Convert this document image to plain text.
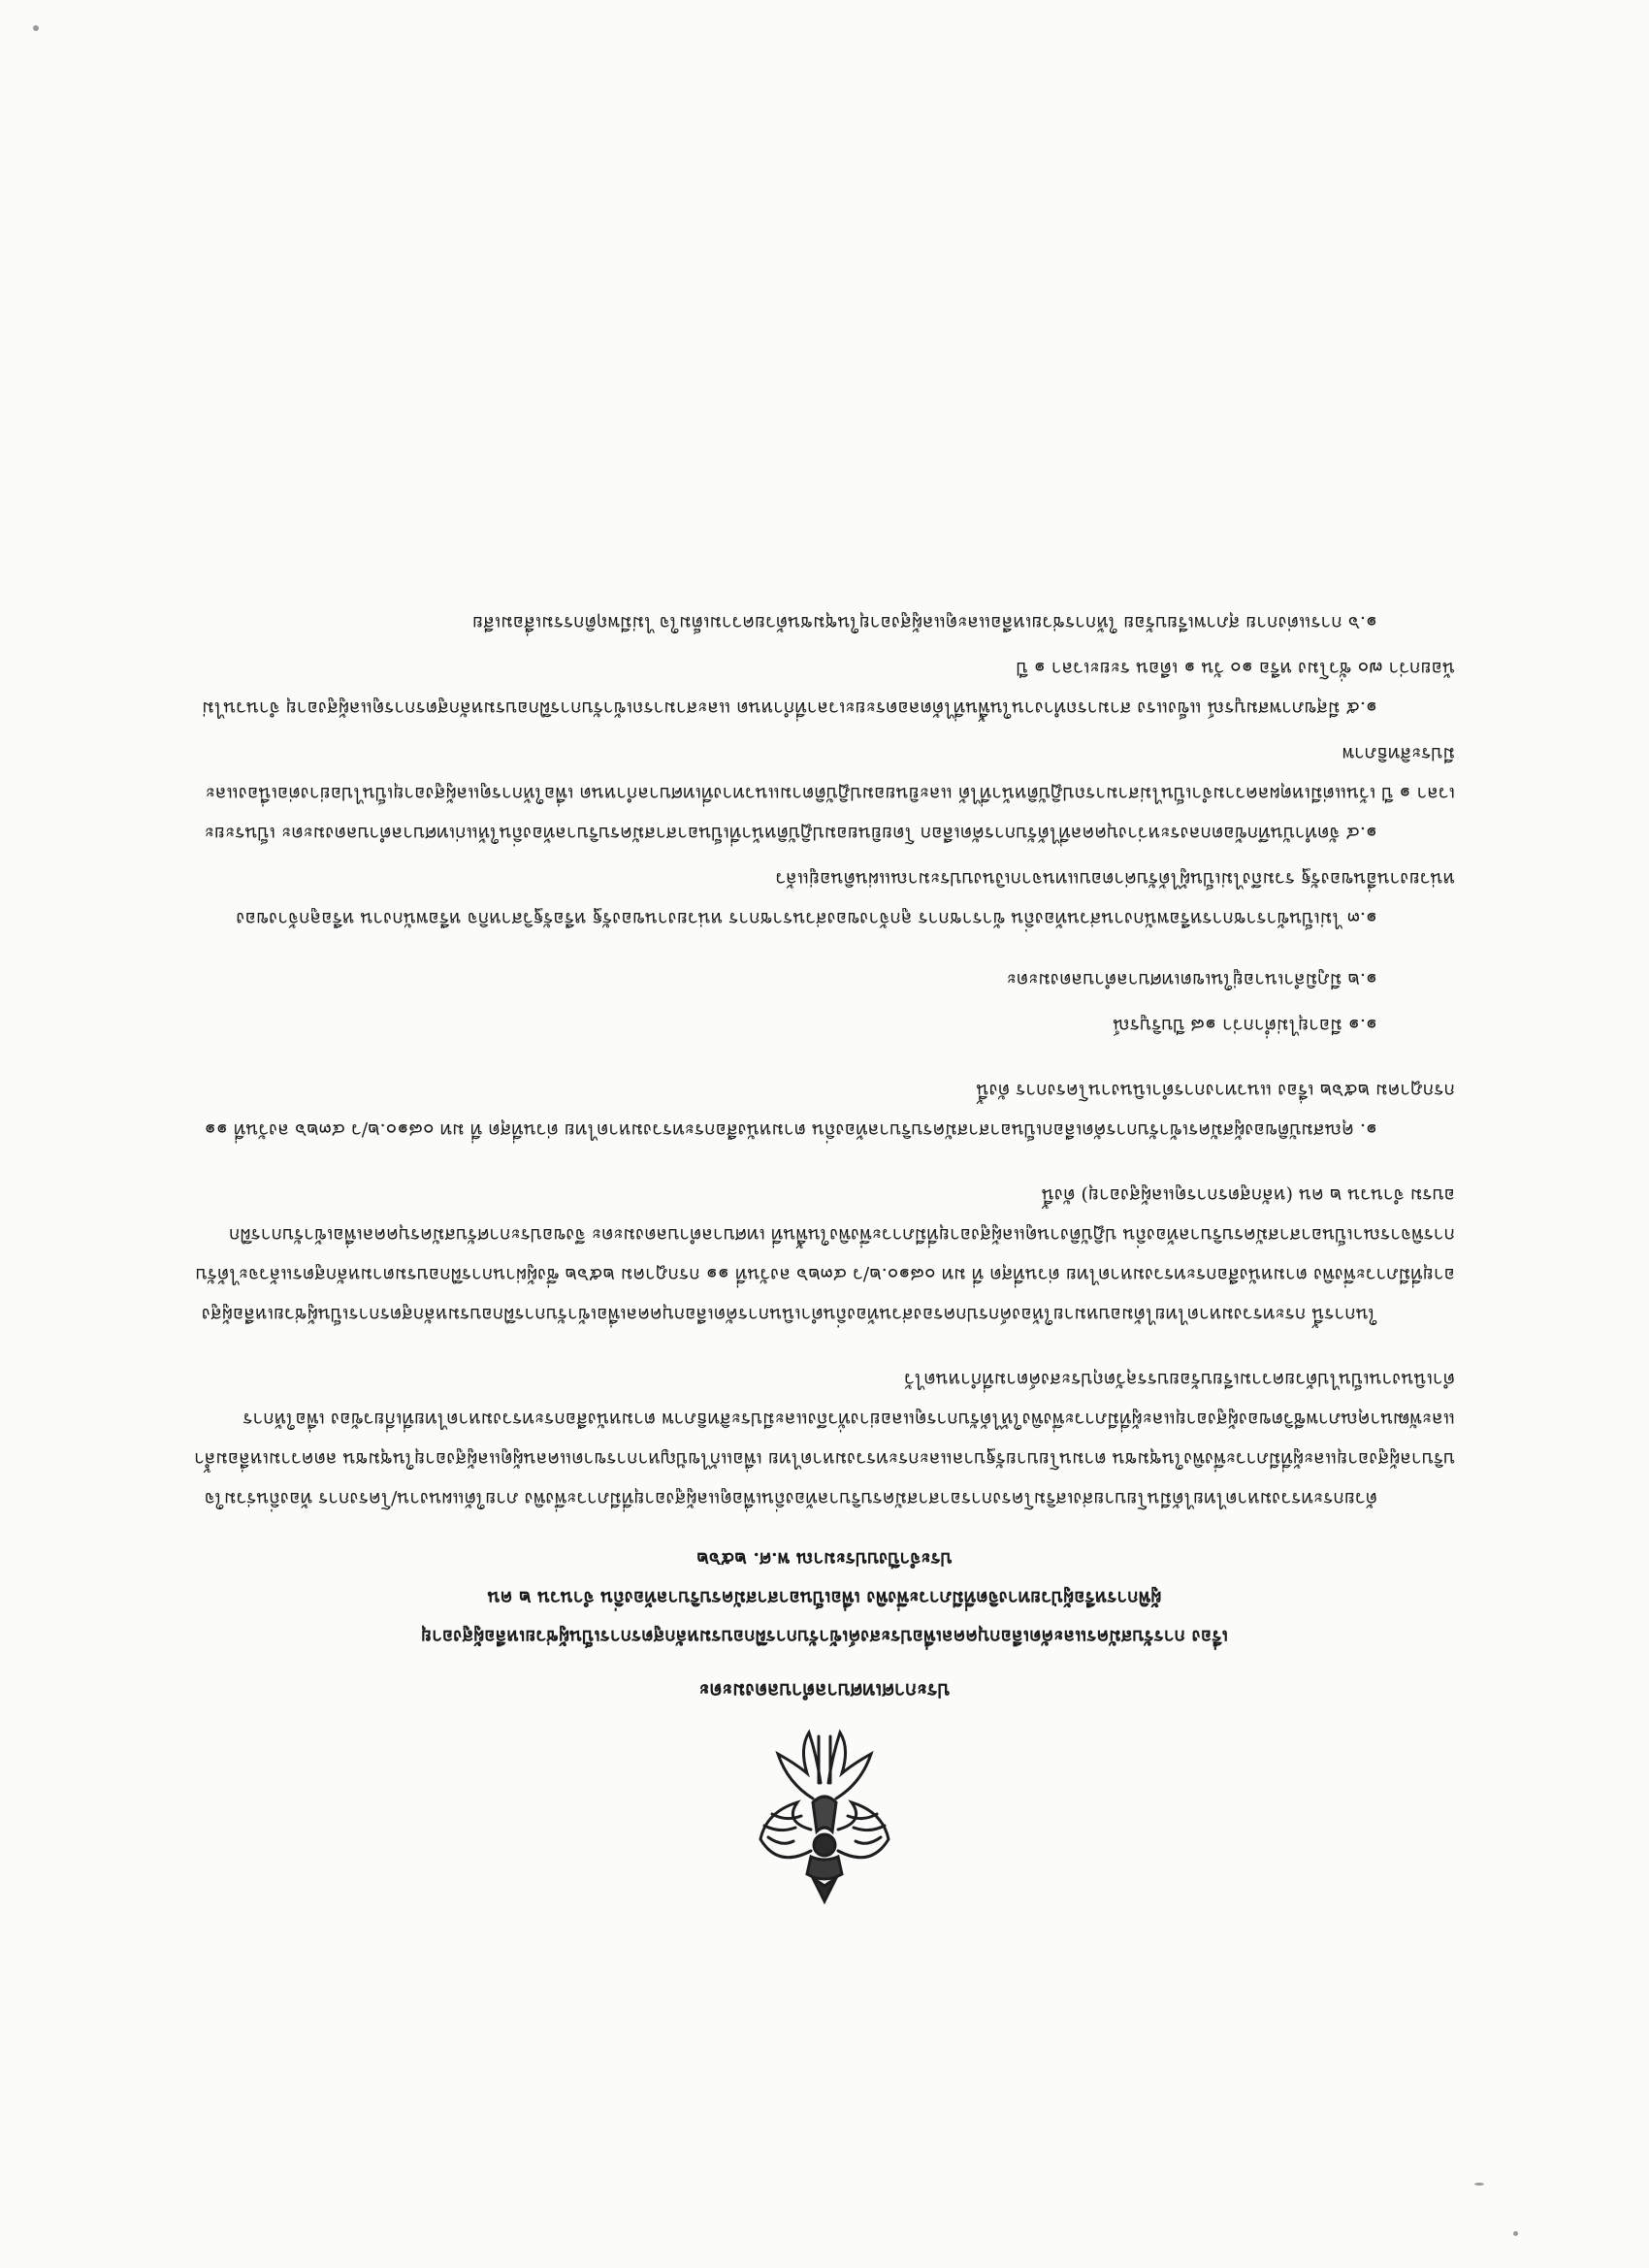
ประกาศเทศบาลตำบลดงมะดะ

เรื่อง การรับสมัครและคัดเลือกบุคคลเพื่อประสงค์เข้ารับการฝึกอบรมหลักสูตรการเป็นผู้ช่วยเหลือผู้สูงอายุ
ผู้พิการหรือผู้ป่วยทางจิตที่มีภาวะพึ่งพิง เพื่อเป็นอาสาสมัครบริบาลท้องถิ่น จำนวน ๒ คน
ประจำปีงบประมาณ พ.ศ. ๒๕๖๒

ด้วยกระทรวงมหาดไทยได้มีนโยบายส่งเสริมโครงการอาสาสมัครบริบาลท้องถิ่นเพื่อดูแลผู้สูงอายุที่มีภาวะพึ่งพิง ภายใต้แผนงาน/โครงการ ท้องถิ่นร่วมใจบริบาลผู้สูงอายุและผู้ที่มีภาวะพึ่งพิงในชุมชน ตามนโยบายรัฐบาลและกระทรวงมหาดไทย เพื่อแก้ไขปัญหาการขาดแคลนผู้ดูแลผู้สูงอายุในชุมชน ลดความเหลื่อมล้ำ และพัฒนาคุณภาพชีวิตของผู้สูงอายุและผู้ที่มีภาวะพึ่งพิงให้ได้รับการดูแลอย่างทั่วถึงและมีประสิทธิภาพ ตามหนังสือกระทรวงมหาดไทยที่เกี่ยวข้อง เพื่อให้การดำเนินงานเป็นไปด้วยความเรียบร้อยบรรลุวัตถุประสงค์ตามที่กำหนดไว้

ในการนี้ กระทรวงมหาดไทยได้มอบหมายให้องค์กรปกครองส่วนท้องถิ่นดำเนินการคัดเลือกบุคคลเพื่อเข้ารับการฝึกอบรมหลักสูตรการเป็นผู้ช่วยเหลือผู้สูงอายุที่มีภาวะพึ่งพิง ตามหนังสือกระทรวงมหาดไทย ด่วนที่สุด ที่ มท ๐๘๑๐.๒/ว ๔๓๒๖ ลงวันที่ ๑๑ กรกฎาคม ๒๕๖๒ ซึ่งผู้ผ่านการฝึกอบรมตามหลักสูตรแล้วจะได้รับการพิจารณาเป็นอาสาสมัครบริบาลท้องถิ่น ปฏิบัติงานดูแลผู้สูงอายุที่มีภาวะพึ่งพิงในพื้นที่ เทศบาลตำบลดงมะดะ จึงขอประกาศรับสมัครบุคคลเพื่อเข้ารับการฝึกอบรม จำนวน ๒ คน (หลักสูตรการดูแลผู้สูงอายุ) ดังนี้

๑. คุณสมบัติของผู้สมัครเข้ารับการคัดเลือกเป็นอาสาสมัครบริบาลท้องถิ่น ตามหนังสือกระทรวงมหาดไทย ด่วนที่สุด ที่ มท ๐๘๑๐.๒/ว ๔๓๒๖ ลงวันที่ ๑๑ กรกฎาคม ๒๕๖๒ เรื่อง แนวทางการดำเนินงานโครงการ ดังนี้

๑.๑ มีอายุไม่ต่ำกว่า ๑๘ ปีบริบูรณ์

๑.๒ มีภูมิลำเนาอยู่ในเขตเทศบาลตำบลดงมะดะ

๑.๓ ไม่เป็นข้าราชการหรือพนักงานส่วนท้องถิ่น ข้าราชการ ลูกจ้างของส่วนราชการ หน่วยงานของรัฐ หรือรัฐวิสาหกิจ หรือพนักงาน หรือลูกจ้างของหน่วยงานอื่นของรัฐ รวมถึงไม่เป็นผู้ได้รับค่าตอบแทนจากเงินงบประมาณแผ่นดินอยู่แล้ว

๑.๔ จัดทำบันทึกข้อตกลงระหว่างบุคคลที่ได้รับการคัดเลือก โดยยินยอมปฏิบัติหน้าที่เป็นอาสาสมัครบริบาลท้องถิ่นให้แก่เทศบาลตำบลดงมะดะ เป็นระยะเวลา ๑ ปี เว้นแต่มีเหตุผลความจำเป็นไม่สามารถปฏิบัติหน้าที่ได้ และยินยอมปฏิบัติตามแนวทางที่เทศบาลกำหนด เพื่อให้การดูแลผู้สูงอายุเป็นไปอย่างต่อเนื่องและมีประสิทธิภาพ

๑.๕ มีสุขภาพสมบูรณ์ แข็งแรง สามารถทำงานในพื้นที่ได้ตลอดระยะเวลาที่กำหนด และสามารถเข้ารับการฝึกอบรมหลักสูตรการดูแลผู้สูงอายุ จำนวนไม่น้อยกว่า ๗๐ ชั่วโมง หรือ ๑๐ วัน ๑ เดือน ระยะเวลา ๑ ปี

๑.๖ การแต่งกาย สุภาพเรียบร้อย ให้การช่วยเหลือและดูแลผู้สูงอายุในชุมชนด้วยความเต็มใจ ไม่มีพฤติกรรมเสื่อมเสีย
